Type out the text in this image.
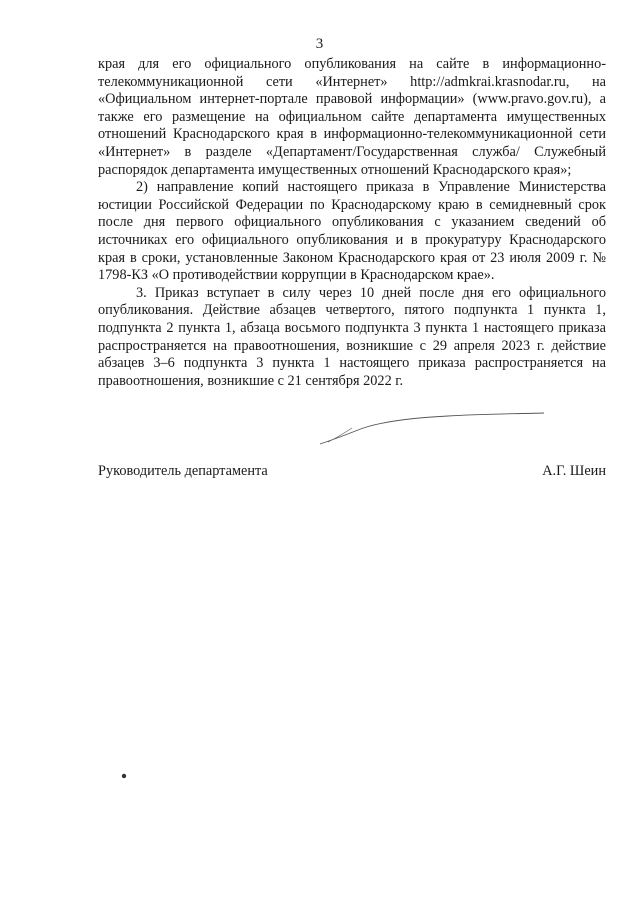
3

края для его официального опубликования на сайте в информационно-телекоммуникационной сети «Интернет» http://admkrai.krasnodar.ru, на «Официальном интернет-портале правовой информации» (www.pravo.gov.ru), а также его размещение на официальном сайте департамента имущественных отношений Краснодарского края в информационно-телекоммуникационной сети «Интернет» в разделе «Департамент/Государственная служба/ Служебный распорядок департамента имущественных отношений Краснодарского края»;

2) направление копий настоящего приказа в Управление Министерства юстиции Российской Федерации по Краснодарскому краю в семидневный срок после дня первого официального опубликования с указанием сведений об источниках его официального опубликования и в прокуратуру Краснодарского края в сроки, установленные Законом Краснодарского края от 23 июля 2009 г. № 1798-КЗ «О противодействии коррупции в Краснодарском крае».

3. Приказ вступает в силу через 10 дней после дня его официального опубликования. Действие абзацев четвертого, пятого подпункта 1 пункта 1, подпункта 2 пункта 1, абзаца восьмого подпункта 3 пункта 1 настоящего приказа распространяется на правоотношения, возникшие с 29 апреля 2023 г. действие абзацев 3–6 подпункта 3 пункта 1 настоящего приказа распространяется на правоотношения, возникшие с 21 сентября 2022 г.

Руководитель департамента	А.Г. Шеин
